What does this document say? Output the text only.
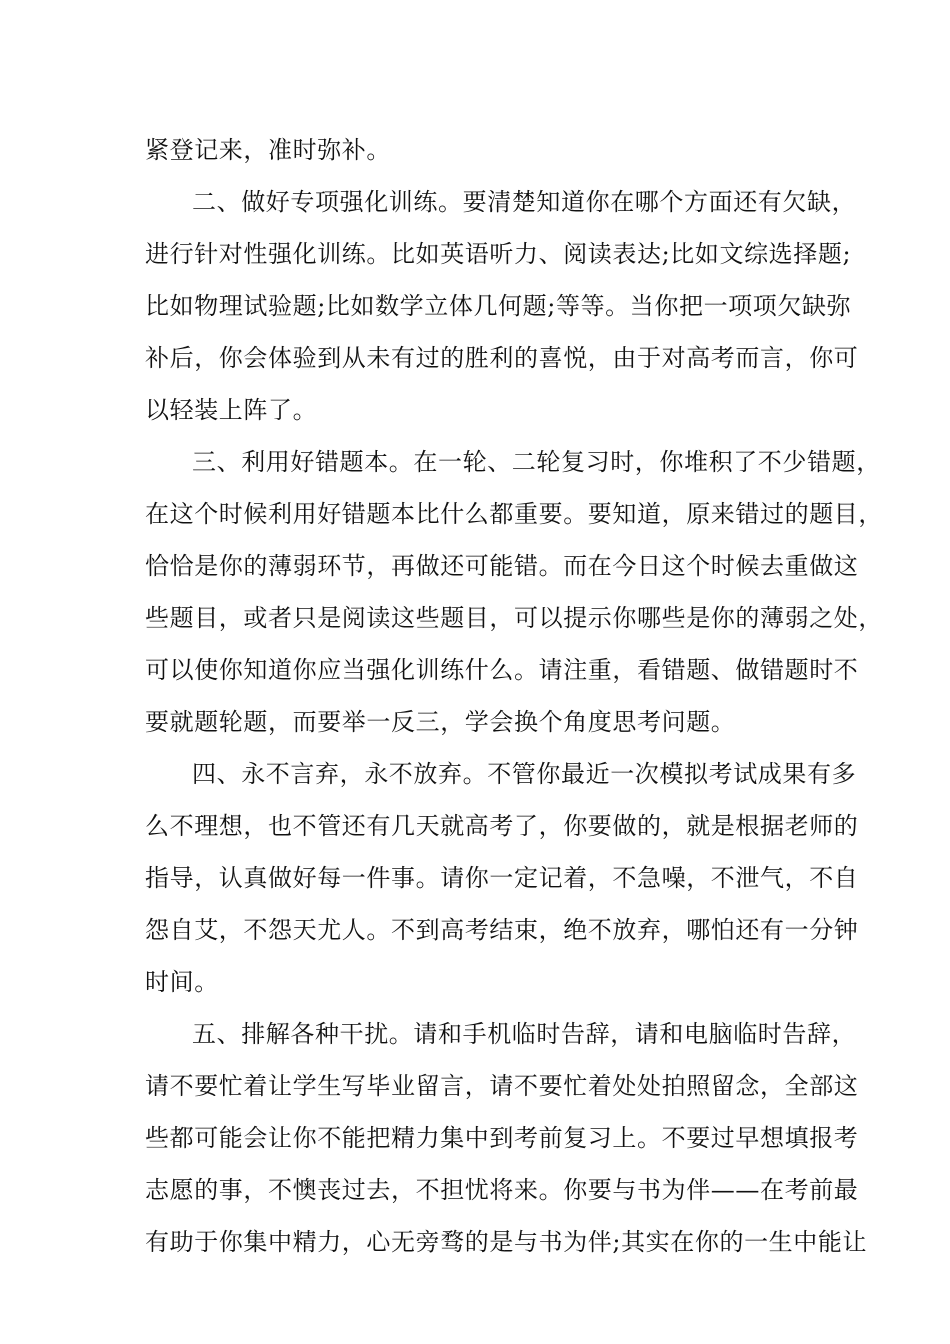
紧登记来，准时弥补。

二、做好专项强化训练。要清楚知道你在哪个方面还有欠缺，

进行针对性强化训练。比如英语听力、阅读表达;比如文综选择题;

比如物理试验题;比如数学立体几何题;等等。当你把一项项欠缺弥

补后，你会体验到从未有过的胜利的喜悦，由于对高考而言，你可

以轻装上阵了。

三、利用好错题本。在一轮、二轮复习时，你堆积了不少错题，

在这个时候利用好错题本比什么都重要。要知道，原来错过的题目，

恰恰是你的薄弱环节，再做还可能错。而在今日这个时候去重做这

些题目，或者只是阅读这些题目，可以提示你哪些是你的薄弱之处，

可以使你知道你应当强化训练什么。请注重，看错题、做错题时不

要就题轮题，而要举一反三，学会换个角度思考问题。

四、永不言弃，永不放弃。不管你最近一次模拟考试成果有多

么不理想，也不管还有几天就高考了，你要做的，就是根据老师的

指导，认真做好每一件事。请你一定记着，不急噪，不泄气，不自

怨自艾，不怨天尤人。不到高考结束，绝不放弃，哪怕还有一分钟

时间。

五、排解各种干扰。请和手机临时告辞，请和电脑临时告辞，

请不要忙着让学生写毕业留言，请不要忙着处处拍照留念，全部这

些都可能会让你不能把精力集中到考前复习上。不要过早想填报考

志愿的事，不懊丧过去，不担忧将来。你要与书为伴——在考前最

有助于你集中精力，心无旁骛的是与书为伴;其实在你的一生中能让
